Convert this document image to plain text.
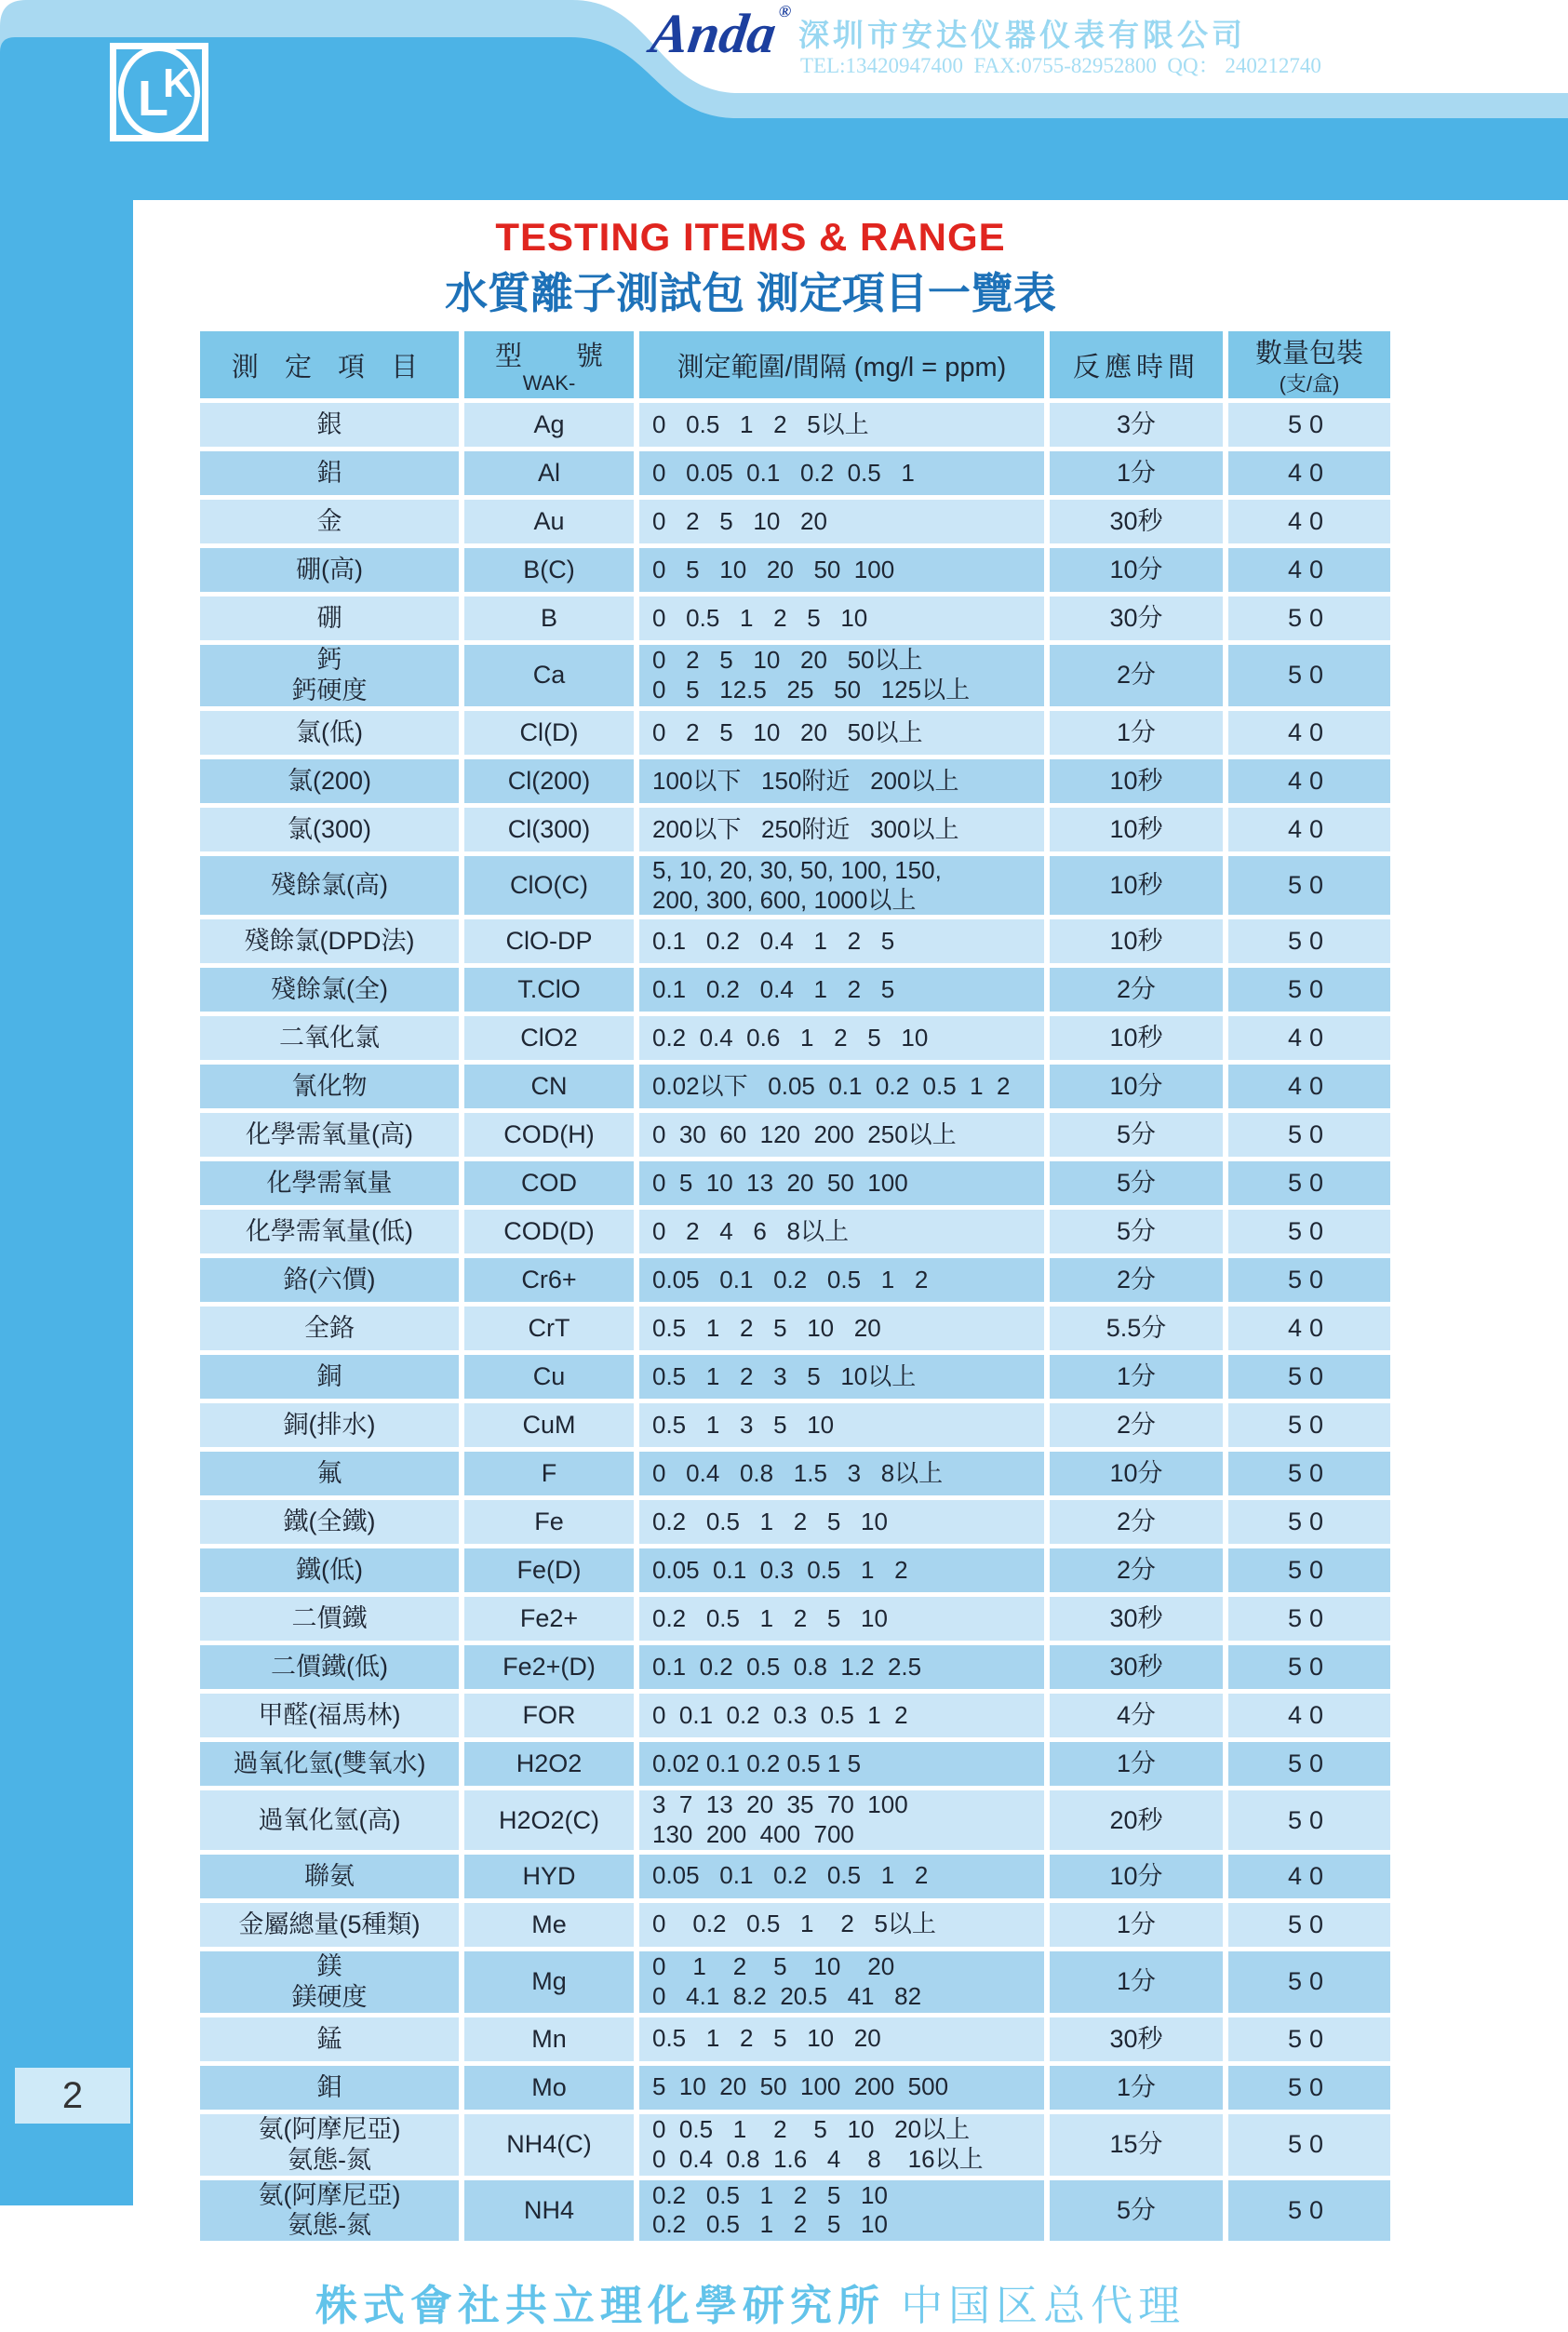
L
K
Anda®
深圳市安达仪器仪表有限公司
TEL:13420947400  FAX:0755-82952800  QQ： 240212740
TESTING ITEMS & RANGE
水質離子測試包 測定項目一覽表
測 定 項 目	型　　號
WAK-	測定範圍/間隔 (mg/l = ppm)	反應時間	數量包裝
(支/盒)

銀	Ag	0   0.5   1   2   5以上	3分	50
鋁	Al	0   0.05  0.1   0.2  0.5   1	1分	40
金	Au	0   2   5   10   20	30秒	40
硼(高)	B(C)	0   5   10   20   50  100	10分	40
硼	B	0   0.5   1   2   5   10	30分	50
鈣
鈣硬度	Ca	0   2   5   10   20   50以上
0   5   12.5   25   50   125以上	2分	50
氯(低)	Cl(D)	0   2   5   10   20   50以上	1分	40
氯(200)	Cl(200)	100以下   150附近   200以上	10秒	40
氯(300)	Cl(300)	200以下   250附近   300以上	10秒	40
殘餘氯(高)	ClO(C)	5, 10, 20, 30, 50, 100, 150,
200, 300, 600, 1000以上	10秒	50
殘餘氯(DPD法)	ClO-DP	0.1   0.2   0.4   1   2   5	10秒	50
殘餘氯(全)	T.ClO	0.1   0.2   0.4   1   2   5	2分	50
二氧化氯	ClO2	0.2  0.4  0.6   1   2   5   10	10秒	40
氰化物	CN	0.02以下   0.05  0.1  0.2  0.5  1  2	10分	40
化學需氧量(高)	COD(H)	0  30  60  120  200  250以上	5分	50
化學需氧量	COD	0  5  10  13  20  50  100	5分	50
化學需氧量(低)	COD(D)	0   2   4   6   8以上	5分	50
鉻(六價)	Cr6+	0.05   0.1   0.2   0.5   1   2	2分	50
全鉻	CrT	0.5   1   2   5   10   20	5.5分	40
銅	Cu	0.5   1   2   3   5   10以上	1分	50
銅(排水)	CuM	0.5   1   3   5   10	2分	50
氟	F	0   0.4   0.8   1.5   3   8以上	10分	50
鐵(全鐵)	Fe	0.2   0.5   1   2   5   10	2分	50
鐵(低)	Fe(D)	0.05  0.1  0.3  0.5   1   2	2分	50
二價鐵	Fe2+	0.2   0.5   1   2   5   10	30秒	50
二價鐵(低)	Fe2+(D)	0.1  0.2  0.5  0.8  1.2  2.5	30秒	50
甲醛(福馬林)	FOR	0  0.1  0.2  0.3  0.5  1  2	4分	40
過氧化氫(雙氧水)	H2O2	0.02 0.1 0.2 0.5 1 5	1分	50
過氧化氫(高)	H2O2(C)	3  7  13  20  35  70  100
130  200  400  700	20秒	50
聯氨	HYD	0.05   0.1   0.2   0.5   1   2	10分	40
金屬總量(5種類)	Me	0    0.2   0.5   1    2   5以上	1分	50
鎂
鎂硬度	Mg	0    1    2    5    10    20
0   4.1  8.2  20.5   41   82	1分	50
錳	Mn	0.5   1   2   5   10   20	30秒	50
鉬	Mo	5  10  20  50  100  200  500	1分	50
氨(阿摩尼亞)
氨態-氮	NH4(C)	0  0.5   1    2    5   10   20以上
0  0.4  0.8  1.6   4    8    16以上	15分	50
氨(阿摩尼亞)
氨態-氮	NH4	0.2   0.5   1   2   5   10
0.2   0.5   1   2   5   10	5分	50
株式會社共立理化學研究所 中国区总代理
2
